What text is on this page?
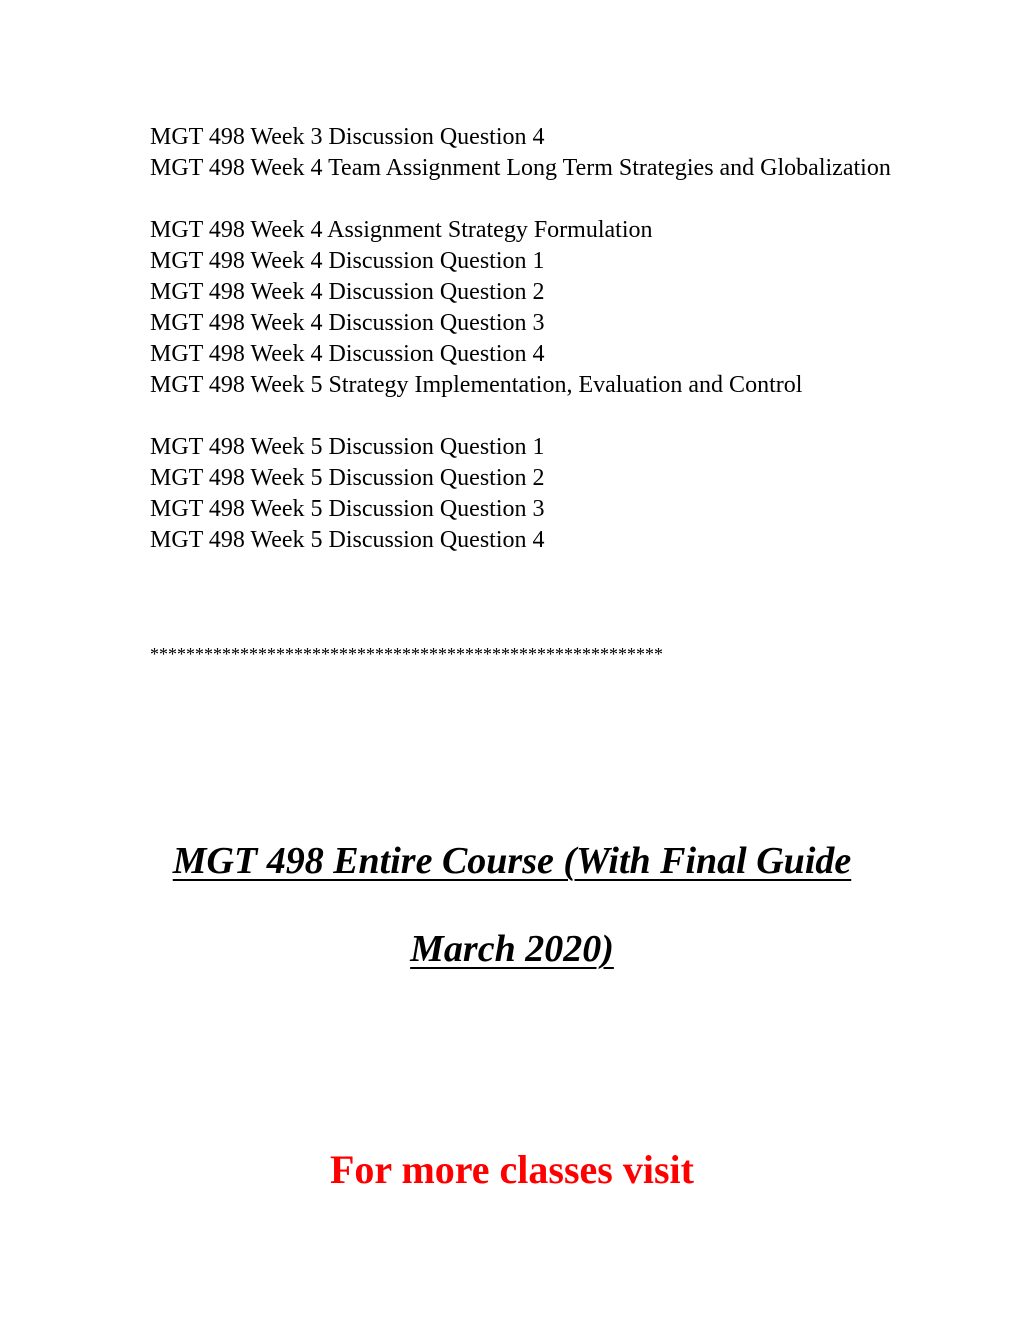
MGT 498 Week 3 Discussion Question 4
MGT 498 Week 4 Team Assignment Long Term Strategies and Globalization
MGT 498 Week 4 Assignment Strategy Formulation
MGT 498 Week 4 Discussion Question 1
MGT 498 Week 4 Discussion Question 2
MGT 498 Week 4 Discussion Question 3
MGT 498 Week 4 Discussion Question 4
MGT 498 Week 5 Strategy Implementation, Evaluation and Control
MGT 498 Week 5 Discussion Question 1
MGT 498 Week 5 Discussion Question 2
MGT 498 Week 5 Discussion Question 3
MGT 498 Week 5 Discussion Question 4
*********************************************************
MGT 498 Entire Course (With Final Guide
March 2020)
For more classes visit
